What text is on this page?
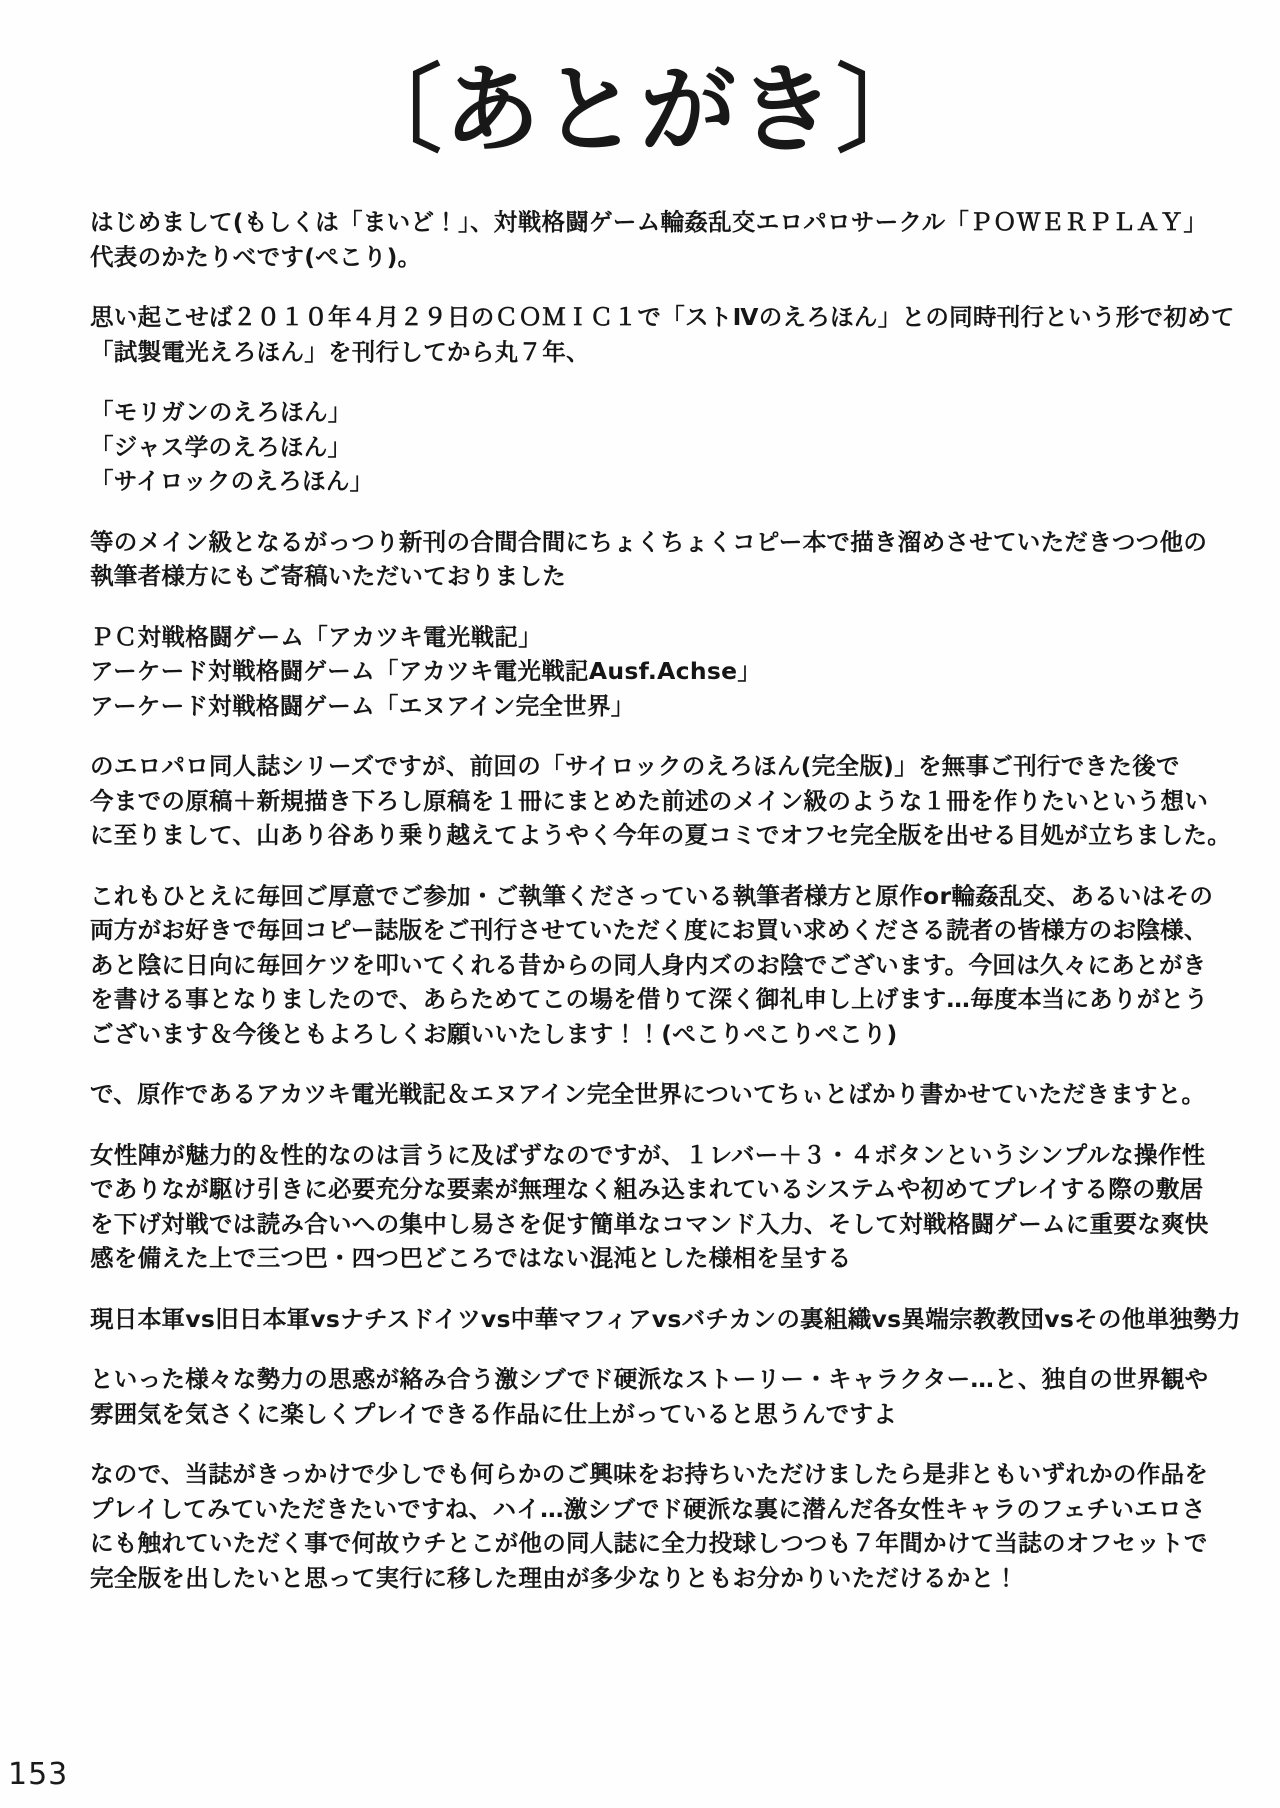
〔あとがき〕

はじめまして(もしくは「まいど！」、対戦格闘ゲーム輪姦乱交エロパロサークル「ＰＯＷＥＲＰＬＡＹ」
代表のかたりべです(ぺこり)。

思い起こせば２０１０年４月２９日のＣＯＭＩＣ１で「ストⅣのえろほん」との同時刊行という形で初めて
「試製電光えろほん」を刊行してから丸７年、

「モリガンのえろほん」
「ジャス学のえろほん」
「サイロックのえろほん」

等のメイン級となるがっつり新刊の合間合間にちょくちょくコピー本で描き溜めさせていただきつつ他の
執筆者様方にもご寄稿いただいておりました

ＰＣ対戦格闘ゲーム「アカツキ電光戦記」
アーケード対戦格闘ゲーム「アカツキ電光戦記Ausf.Achse」
アーケード対戦格闘ゲーム「エヌアイン完全世界」

のエロパロ同人誌シリーズですが、前回の「サイロックのえろほん(完全版)」を無事ご刊行できた後で
今までの原稿＋新規描き下ろし原稿を１冊にまとめた前述のメイン級のような１冊を作りたいという想い
に至りまして、山あり谷あり乗り越えてようやく今年の夏コミでオフセ完全版を出せる目処が立ちました。

これもひとえに毎回ご厚意でご参加・ご執筆くださっている執筆者様方と原作or輪姦乱交、あるいはその
両方がお好きで毎回コピー誌版をご刊行させていただく度にお買い求めくださる読者の皆様方のお陰様、
あと陰に日向に毎回ケツを叩いてくれる昔からの同人身内ズのお陰でございます。今回は久々にあとがき
を書ける事となりましたので、あらためてこの場を借りて深く御礼申し上げます…毎度本当にありがとう
ございます＆今後ともよろしくお願いいたします！！(ぺこりぺこりぺこり)

で、原作であるアカツキ電光戦記＆エヌアイン完全世界についてちぃとばかり書かせていただきますと。

女性陣が魅力的＆性的なのは言うに及ばずなのですが、１レバー＋３・４ボタンというシンプルな操作性
でありなが駆け引きに必要充分な要素が無理なく組み込まれているシステムや初めてプレイする際の敷居
を下げ対戦では読み合いへの集中し易さを促す簡単なコマンド入力、そして対戦格闘ゲームに重要な爽快
感を備えた上で三つ巴・四つ巴どころではない混沌とした様相を呈する

現日本軍vs旧日本軍vsナチスドイツvs中華マフィアvsバチカンの裏組織vs異端宗教教団vsその他単独勢力

といった様々な勢力の思惑が絡み合う激シブでド硬派なストーリー・キャラクター…と、独自の世界観や
雰囲気を気さくに楽しくプレイできる作品に仕上がっていると思うんですよ

なので、当誌がきっかけで少しでも何らかのご興味をお持ちいただけましたら是非ともいずれかの作品を
プレイしてみていただきたいですね、ハイ…激シブでド硬派な裏に潜んだ各女性キャラのフェチいエロさ
にも触れていただく事で何故ウチとこが他の同人誌に全力投球しつつも７年間かけて当誌のオフセットで
完全版を出したいと思って実行に移した理由が多少なりともお分かりいただけるかと！

153
